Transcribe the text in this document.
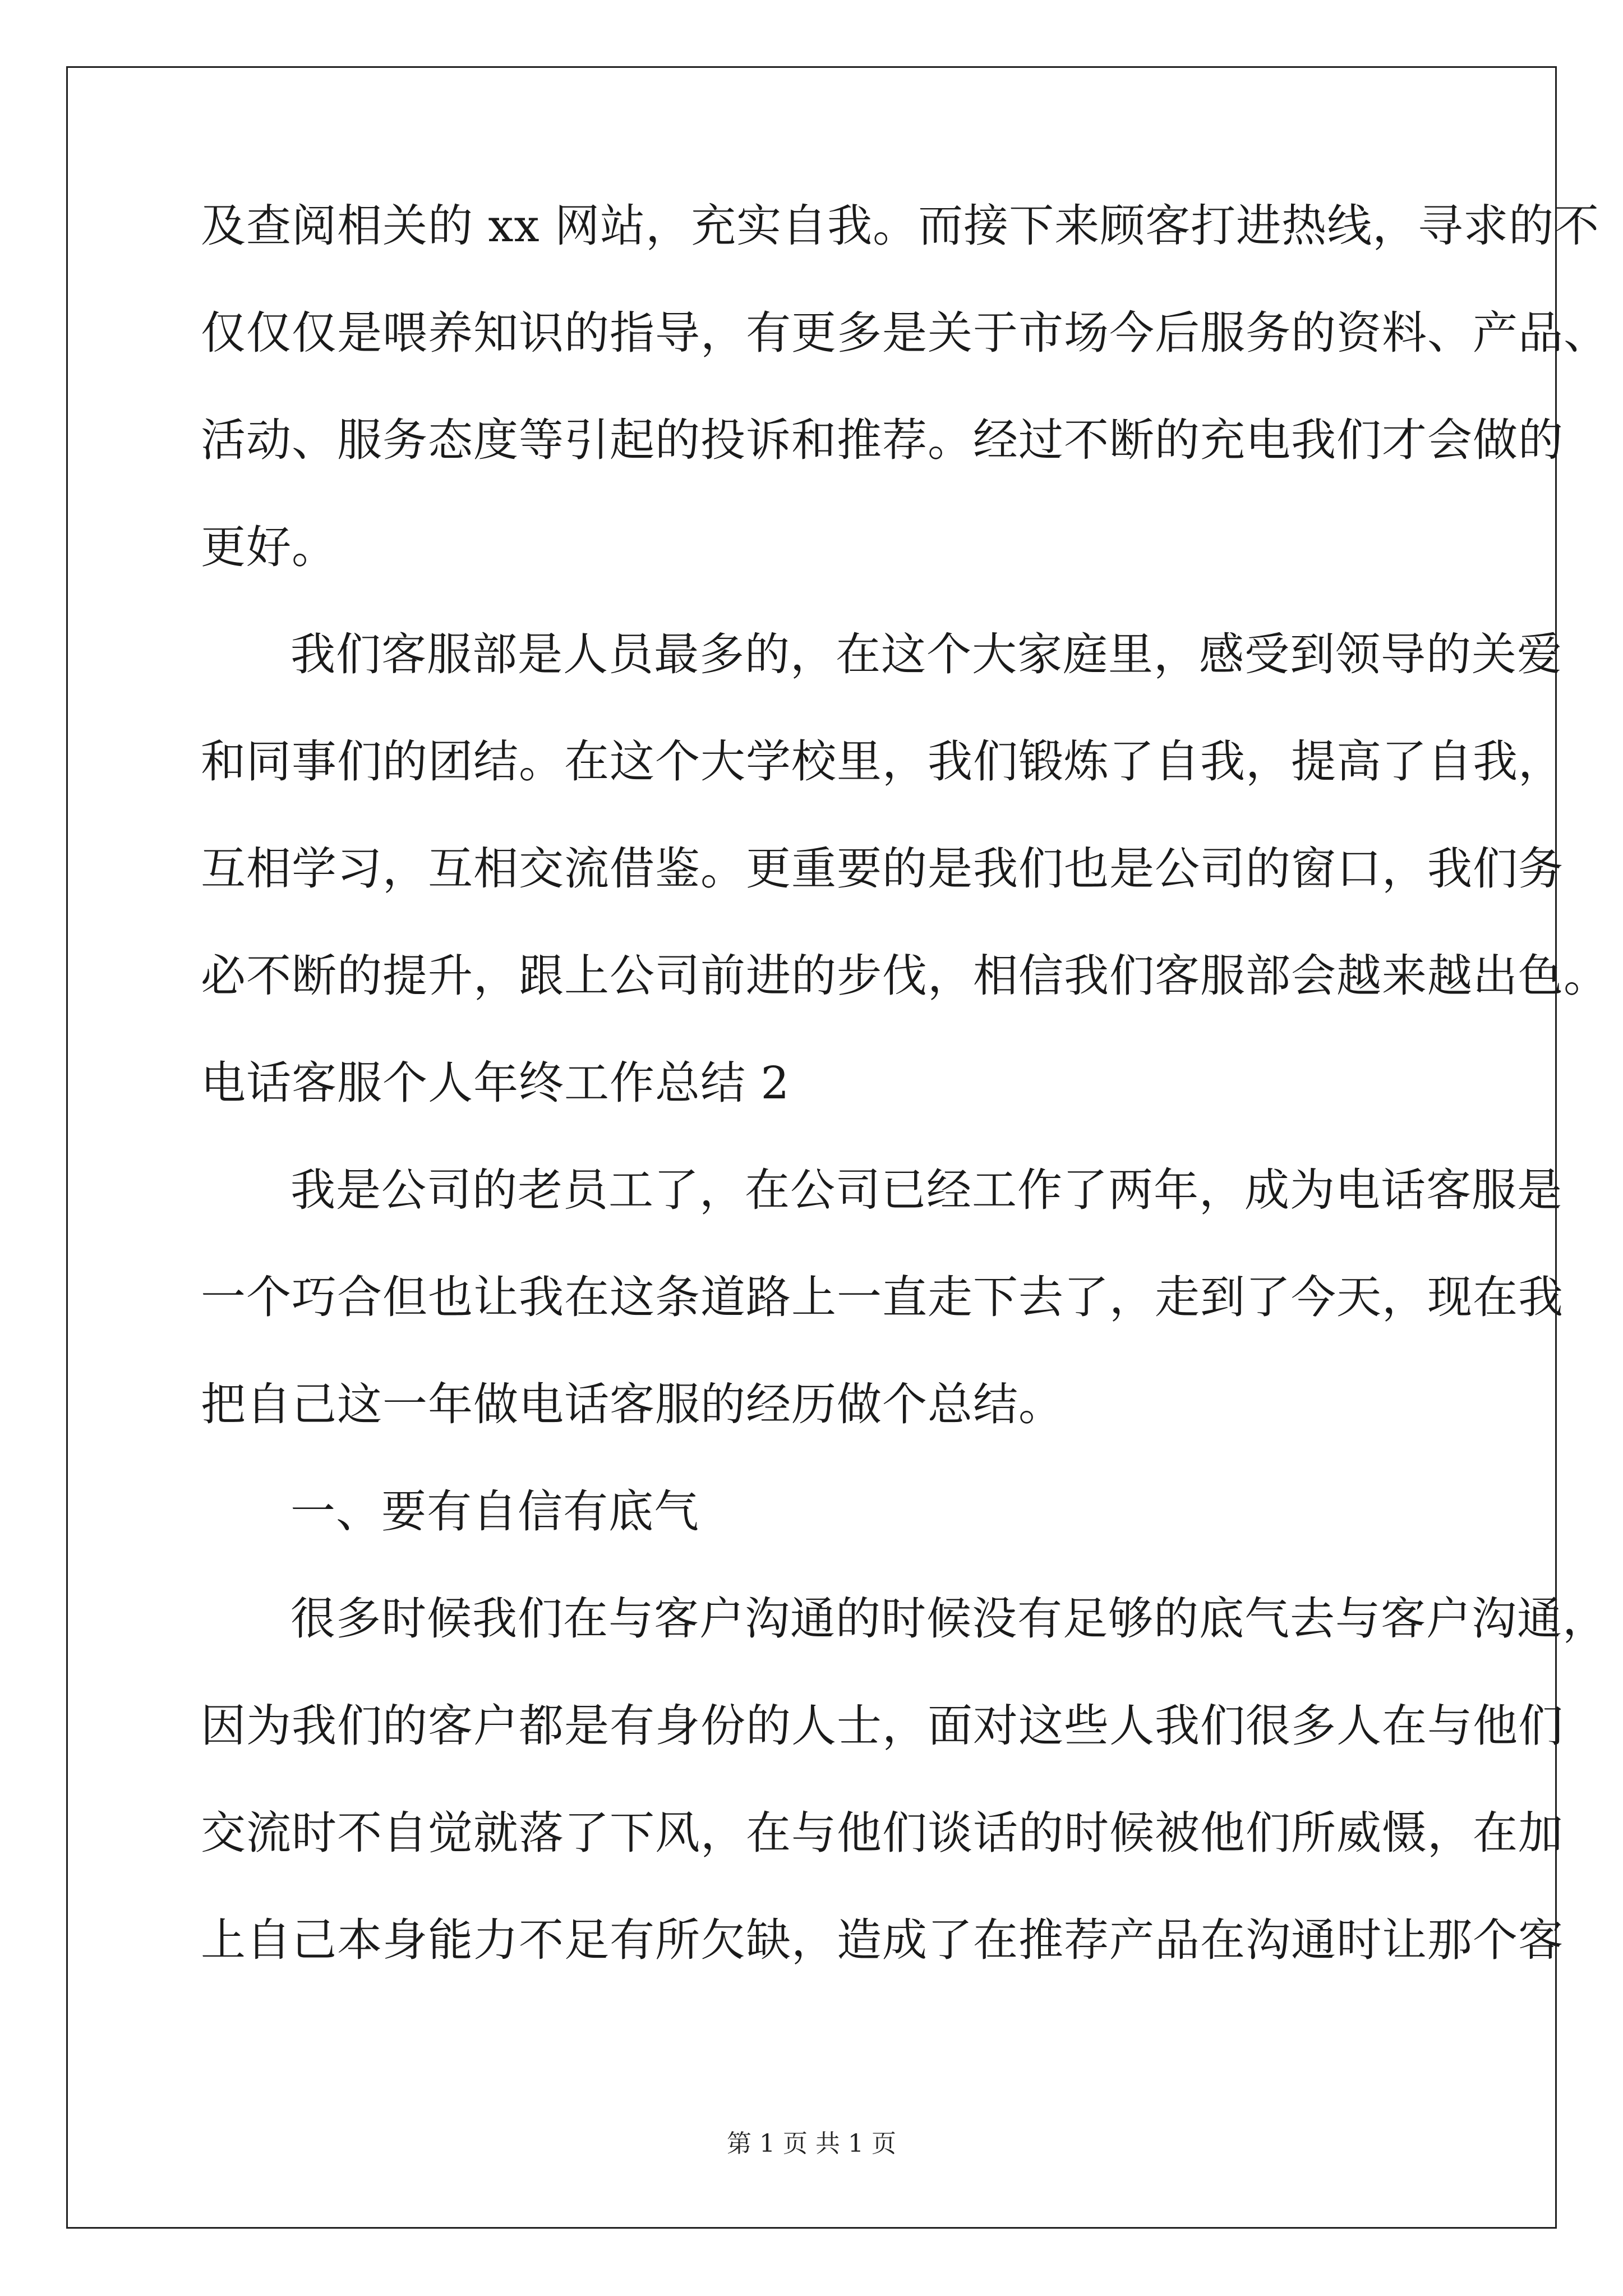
及查阅相关的 xx 网站，充实自我。而接下来顾客打进热线，寻求的不
仅仅仅是喂养知识的指导，有更多是关于市场今后服务的资料、产品、
活动、服务态度等引起的投诉和推荐。经过不断的充电我们才会做的
更好。
我们客服部是人员最多的，在这个大家庭里，感受到领导的关爱
和同事们的团结。在这个大学校里，我们锻炼了自我，提高了自我，
互相学习，互相交流借鉴。更重要的是我们也是公司的窗口，我们务
必不断的提升，跟上公司前进的步伐，相信我们客服部会越来越出色。
电话客服个人年终工作总结 2
我是公司的老员工了，在公司已经工作了两年，成为电话客服是
一个巧合但也让我在这条道路上一直走下去了，走到了今天，现在我
把自己这一年做电话客服的经历做个总结。
一、要有自信有底气
很多时候我们在与客户沟通的时候没有足够的底气去与客户沟通，
因为我们的客户都是有身份的人士，面对这些人我们很多人在与他们
交流时不自觉就落了下风，在与他们谈话的时候被他们所威慑，在加
上自己本身能力不足有所欠缺，造成了在推荐产品在沟通时让那个客
第 1 页 共 1 页
